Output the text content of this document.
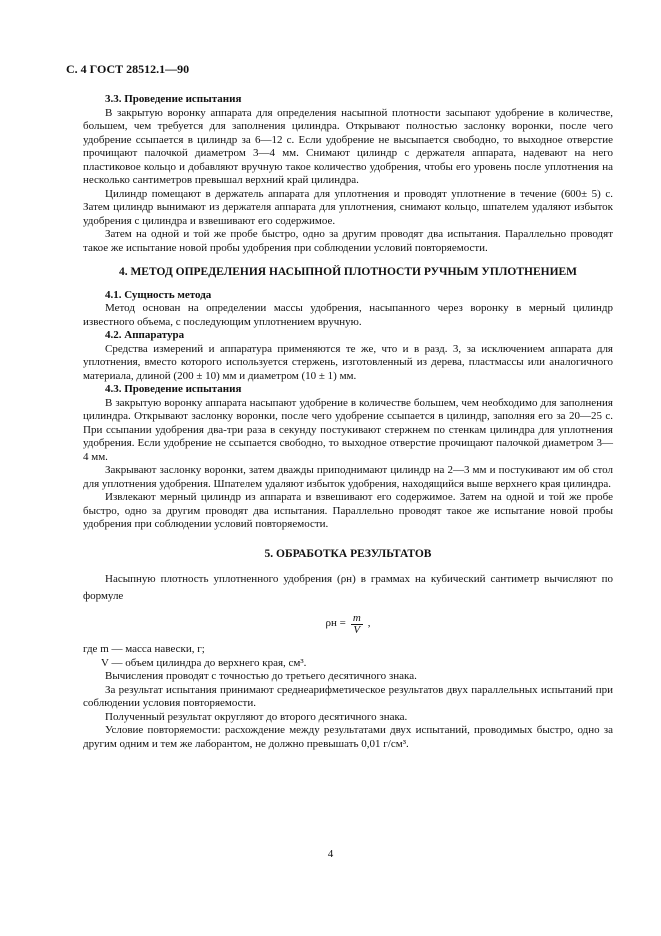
С. 4 ГОСТ 28512.1—90
3.3. Проведение испытания

В закрытую воронку аппарата для определения насыпной плотности засыпают удобрение в количестве, большем, чем требуется для заполнения цилиндра. Открывают полностью заслонку воронки, после чего удобрение ссыпается в цилиндр за 6—12 с. Если удобрение не высыпается свободно, то выходное отверстие прочищают палочкой диаметром 3—4 мм. Снимают цилиндр с держателя аппарата, надевают на него пластиковое кольцо и добавляют вручную такое количество удобрения, чтобы его уровень после уплотнения на несколько сантиметров превышал верхний край цилиндра.

Цилиндр помещают в держатель аппарата для уплотнения и проводят уплотнение в течение (600± 5) с. Затем цилиндр вынимают из держателя аппарата для уплотнения, снимают кольцо, шпателем удаляют избыток удобрения с цилиндра и взвешивают его содержимое.

Затем на одной и той же пробе быстро, одно за другим проводят два испытания. Параллельно проводят такое же испытание новой пробы удобрения при соблюдении условий повторяемости.

4. МЕТОД ОПРЕДЕЛЕНИЯ НАСЫПНОЙ ПЛОТНОСТИ РУЧНЫМ УПЛОТНЕНИЕМ
4.1. Сущность метода

Метод основан на определении массы удобрения, насыпанного через воронку в мерный цилиндр известного объема, с последующим уплотнением вручную.

4.2. Аппаратура

Средства измерений и аппаратура применяются те же, что и в разд. 3, за исключением аппарата для уплотнения, вместо которого используется стержень, изготовленный из дерева, пластмассы или аналогичного материала, длиной (200 ± 10) мм и диаметром (10 ± 1) мм.

4.3. Проведение испытания

В закрытую воронку аппарата насыпают удобрение в количестве большем, чем необходимо для заполнения цилиндра. Открывают заслонку воронки, после чего удобрение ссыпается в цилиндр, заполняя его за 20—25 с. При ссыпании удобрения два-три раза в секунду постукивают стержнем по стенкам цилиндра для уплотнения удобрения. Если удобрение не ссыпается свободно, то выходное отверстие прочищают палочкой диаметром 3—4 мм.

Закрывают заслонку воронки, затем дважды приподнимают цилиндр на 2—3 мм и постукивают им об стол для уплотнения удобрения. Шпателем удаляют избыток удобрения, находящийся выше верхнего края цилиндра.

Извлекают мерный цилиндр из аппарата и взвешивают его содержимое. Затем на одной и той же пробе быстро, одно за другим проводят два испытания. Параллельно проводят такое же испытание новой пробы удобрения при соблюдении условий повторяемости.

5. ОБРАБОТКА РЕЗУЛЬТАТОВ

Насыпную плотность уплотненного удобрения (ρн) в граммах на кубический сантиметр вычисляют по формуле

$\rho н = \frac{m}{V}$ ,

где m — масса навески, г;

V — объем цилиндра до верхнего края, см³.

Вычисления проводят с точностью до третьего десятичного знака.

За результат испытания принимают среднеарифметическое результатов двух параллельных испытаний при соблюдении условия повторяемости.

Полученный результат округляют до второго десятичного знака.

Условие повторяемости: расхождение между результатами двух испытаний, проводимых быстро, одно за другим одним и тем же лаборантом, не должно превышать 0,01 г/см³.

4
